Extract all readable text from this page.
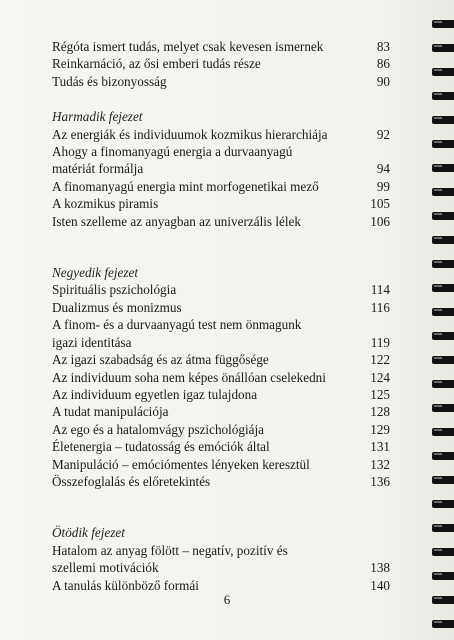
Régóta ismert tudás, melyet csak kevesen ismernek	83
Reinkarnáció, az ősi emberi tudás része	86
Tudás és bizonyosság	90
Harmadik fejezet
Az energiák és individuumok kozmikus hierarchiája	92
Ahogy a finomanyagú energia a durvaanyagú
matériát formálja	94
A finomanyagú energia mint morfogenetikai mező	99
A kozmikus piramis	105
Isten szelleme az anyagban az univerzális lélek	106
Negyedik fejezet
Spirituális pszichológia	114
Dualizmus és monizmus	116
A finom- és a durvaanyagú test nem önmagunk
igazi identitása	119
Az igazi szabadság és az átma függősége	122
Az individuum soha nem képes önállóan cselekedni	124
Az individuum egyetlen igaz tulajdona	125
A tudat manipulációja	128
Az ego és a hatalomvágy pszichológiája	129
Életenergia – tudatosság és emóciók által	131
Manipuláció – emóciómentes lényeken keresztül	132
Összefoglalás és előretekintés	136
Ötödik fejezet
Hatalom az anyag fölött – negatív, pozitív és
szellemi motivációk	138
A tanulás különböző formái	140
6
